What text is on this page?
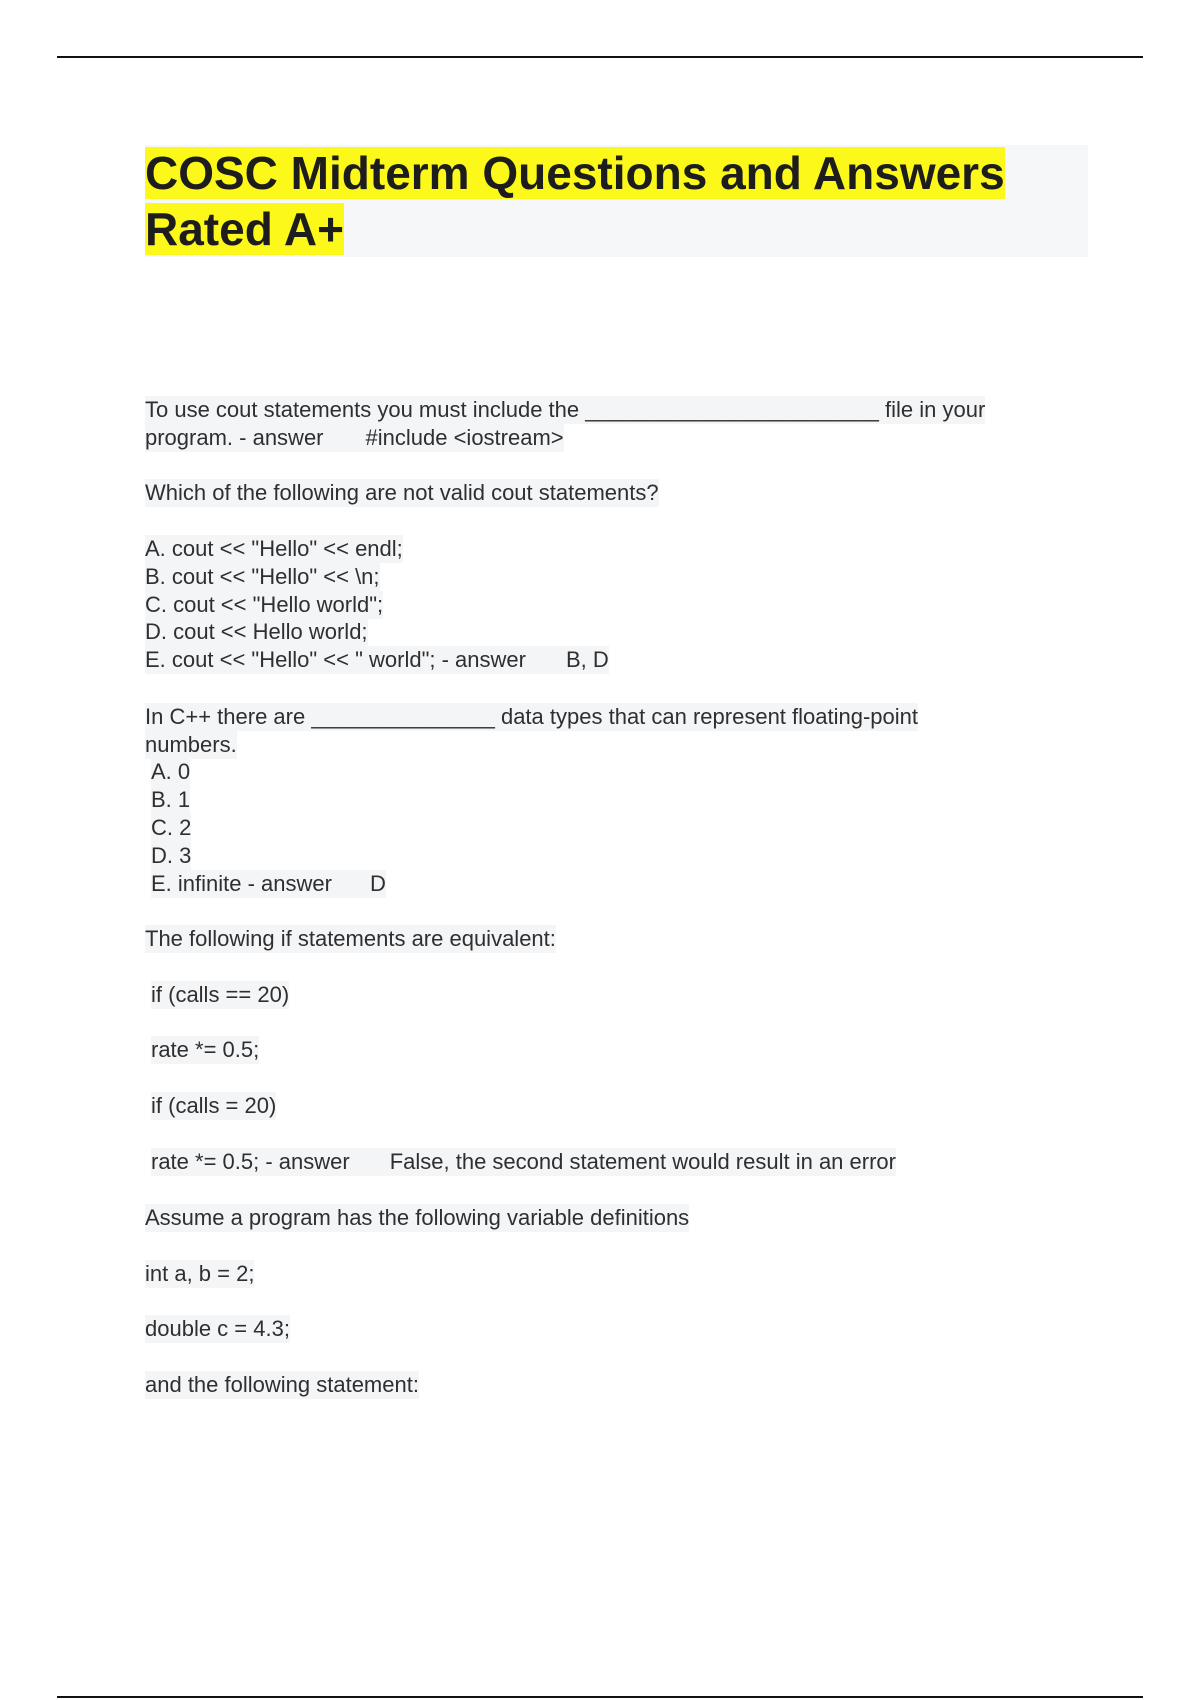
COSC Midterm Questions and Answers
Rated A+
To use cout statements you must include the ________________________ file in your
program. - answer #include <iostream>
Which of the following are not valid cout statements?
A. cout << "Hello" << endl;
B. cout << "Hello" << \n;
C. cout << "Hello world";
D. cout << Hello world;
E. cout << "Hello" << " world"; - answer B, D
In C++ there are _______________ data types that can represent floating-point
numbers.
A. 0
B. 1
C. 2
D. 3
E. infinite - answer D
The following if statements are equivalent:
if (calls == 20)
rate *= 0.5;
if (calls = 20)
rate *= 0.5; - answer False, the second statement would result in an error
Assume a program has the following variable definitions
int a, b = 2;
double c = 4.3;
and the following statement:
